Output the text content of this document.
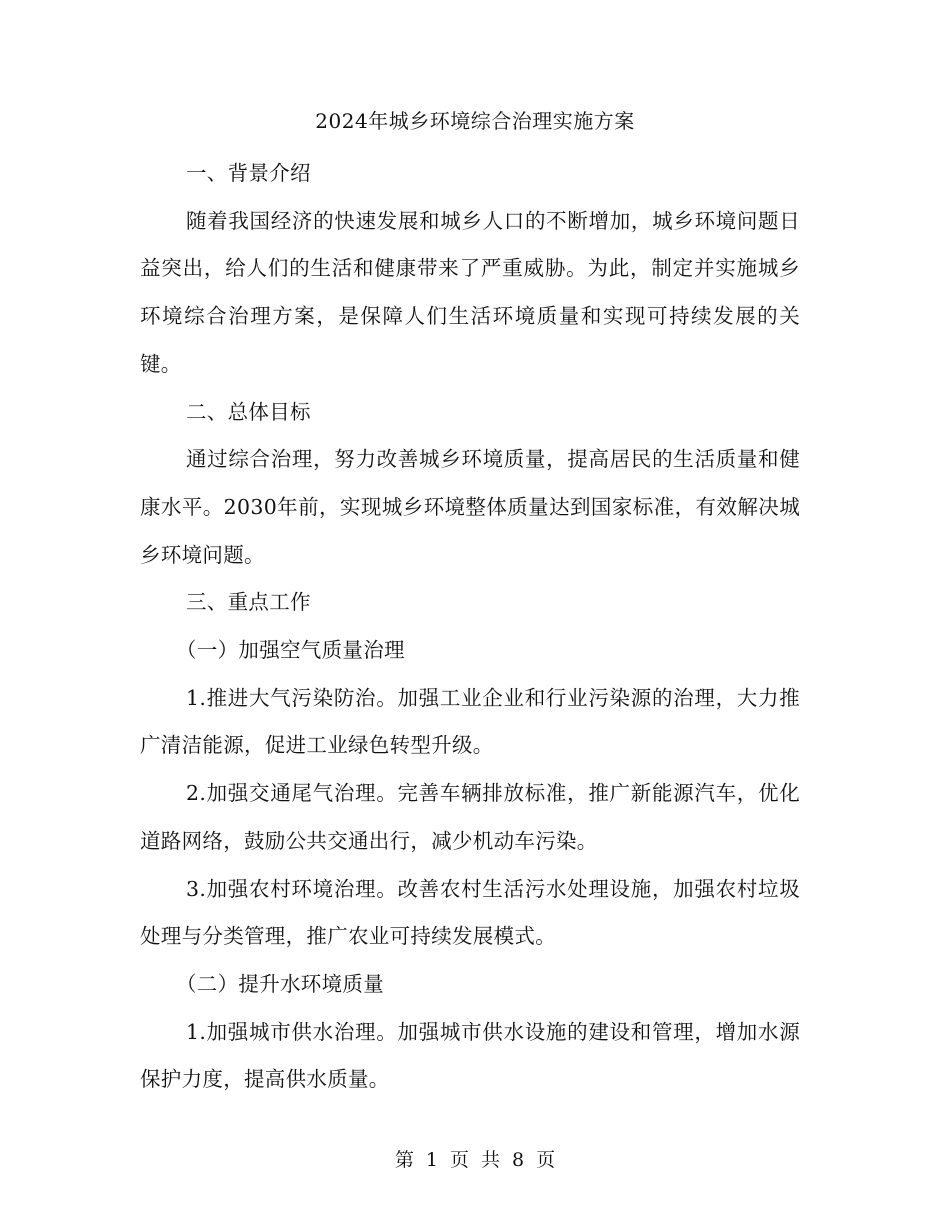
2024年城乡环境综合治理实施方案

一、背景介绍

随着我国经济的快速发展和城乡人口的不断增加，城乡环境问题日益突出，给人们的生活和健康带来了严重威胁。为此，制定并实施城乡环境综合治理方案，是保障人们生活环境质量和实现可持续发展的关键。

二、总体目标

通过综合治理，努力改善城乡环境质量，提高居民的生活质量和健康水平。2030年前，实现城乡环境整体质量达到国家标准，有效解决城乡环境问题。

三、重点工作

（一）加强空气质量治理

1.推进大气污染防治。加强工业企业和行业污染源的治理，大力推广清洁能源，促进工业绿色转型升级。

2.加强交通尾气治理。完善车辆排放标准，推广新能源汽车，优化道路网络，鼓励公共交通出行，减少机动车污染。

3.加强农村环境治理。改善农村生活污水处理设施，加强农村垃圾处理与分类管理，推广农业可持续发展模式。

（二）提升水环境质量

1.加强城市供水治理。加强城市供水设施的建设和管理，增加水源保护力度，提高供水质量。

第 1 页 共 8 页
